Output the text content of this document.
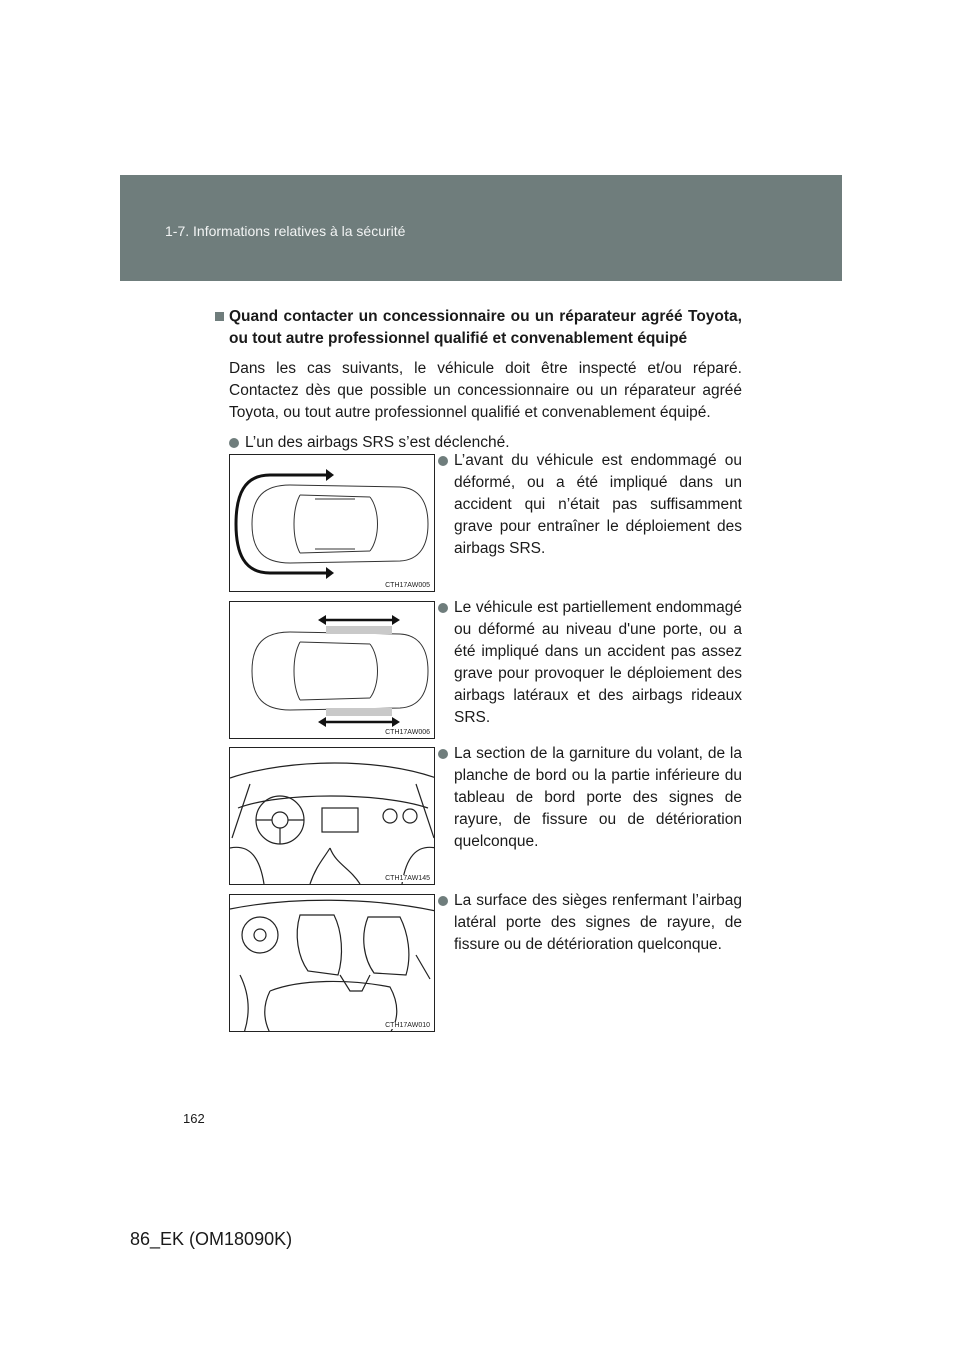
1-7. Informations relatives à la sécurité
Quand contacter un concessionnaire ou un réparateur agréé Toyota, ou tout autre professionnel qualifié et convenablement équipé
Dans les cas suivants, le véhicule doit être inspecté et/ou réparé. Contactez dès que possible un concessionnaire ou un réparateur agréé Toyota, ou tout autre professionnel qualifié et convenablement équipé.
L’un des airbags SRS s’est déclenché.
CTH17AW005
L’avant du véhicule est endommagé ou déformé, ou a été impliqué dans un accident qui n’était pas suffisamment grave pour entraîner le déploiement des airbags SRS.
CTH17AW006
Le véhicule est partiellement endommagé ou déformé au niveau d'une porte, ou a été impliqué dans un accident pas assez grave pour provoquer le déploiement des airbags latéraux et des airbags rideaux SRS.
CTH17AW145
La section de la garniture du volant, de la planche de bord ou la partie inférieure du tableau de bord porte des signes de rayure, de fissure ou de détérioration quelconque.
CTH17AW010
La surface des sièges renfermant l’airbag latéral porte des signes de rayure, de fissure ou de détérioration quelconque.
162
86_EK (OM18090K)
